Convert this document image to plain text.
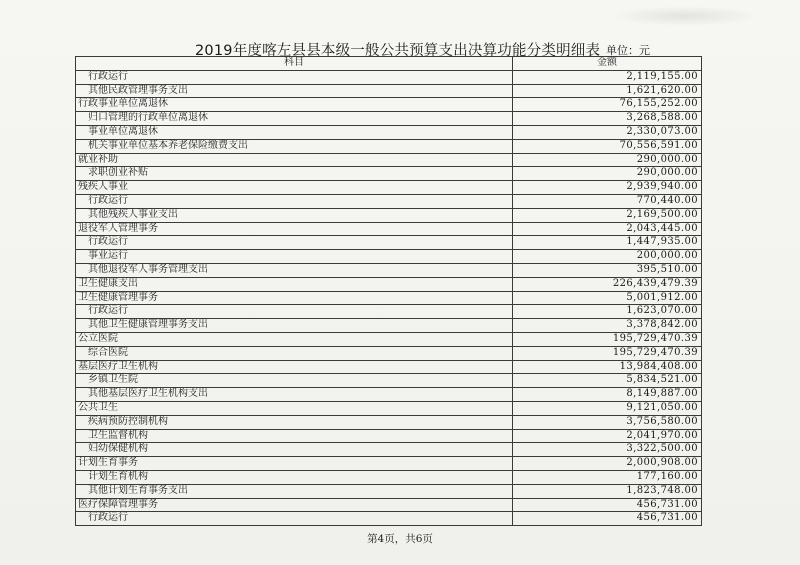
2019年度喀左县县本级一般公共预算支出决算功能分类明细表 单位：元
科目	金额
行政运行	2,119,155.00
其他民政管理事务支出	1,621,620.00
行政事业单位离退休	76,155,252.00
归口管理的行政单位离退休	3,268,588.00
事业单位离退休	2,330,073.00
机关事业单位基本养老保险缴费支出	70,556,591.00
就业补助	290,000.00
求职创业补贴	290,000.00
残疾人事业	2,939,940.00
行政运行	770,440.00
其他残疾人事业支出	2,169,500.00
退役军人管理事务	2,043,445.00
行政运行	1,447,935.00
事业运行	200,000.00
其他退役军人事务管理支出	395,510.00
卫生健康支出	226,439,479.39
卫生健康管理事务	5,001,912.00
行政运行	1,623,070.00
其他卫生健康管理事务支出	3,378,842.00
公立医院	195,729,470.39
综合医院	195,729,470.39
基层医疗卫生机构	13,984,408.00
乡镇卫生院	5,834,521.00
其他基层医疗卫生机构支出	8,149,887.00
公共卫生	9,121,050.00
疾病预防控制机构	3,756,580.00
卫生监督机构	2,041,970.00
妇幼保健机构	3,322,500.00
计划生育事务	2,000,908.00
计划生育机构	177,160.00
其他计划生育事务支出	1,823,748.00
医疗保障管理事务	456,731.00
行政运行	456,731.00
第4页，共6页
